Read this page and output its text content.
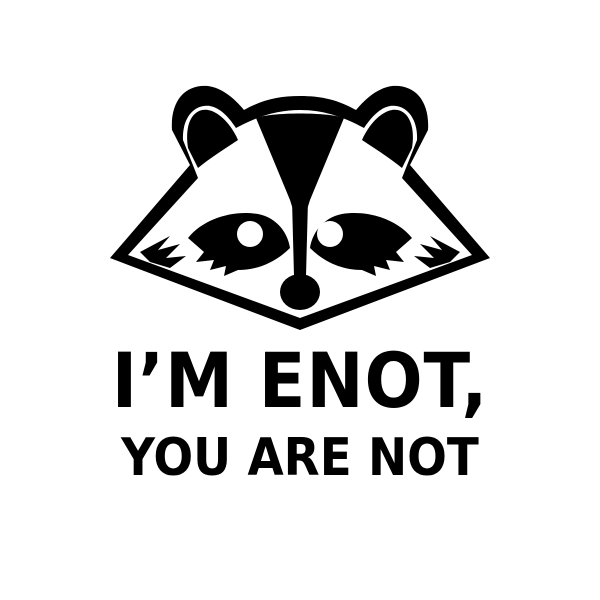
I’M ENOT,
YOU ARE NOT
